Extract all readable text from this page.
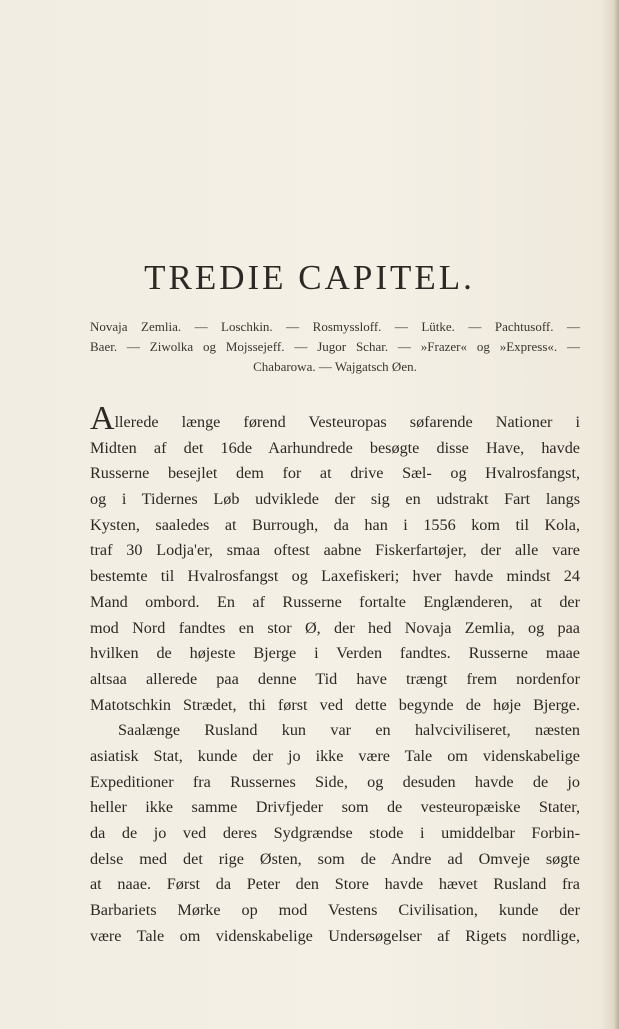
TREDIE CAPITEL.
Novaja Zemlia. — Loschkin. — Rosmyssloff. — Lütke. — Pachtusoff. —
Baer. — Ziwolka og Mojssejeff. — Jugor Schar. — »Frazer« og »Express«. —
Chabarowa. — Wajgatsch Øen.
Allerede længe førend Vesteuropas søfarende Nationer i
Midten af det 16de Aarhundrede besøgte disse Have, havde
Russerne besejlet dem for at drive Sæl- og Hvalrosfangst,
og i Tidernes Løb udviklede der sig en udstrakt Fart langs
Kysten, saaledes at Burrough, da han i 1556 kom til Kola,
traf 30 Lodja'er, smaa oftest aabne Fiskerfartøjer, der alle vare
bestemte til Hvalrosfangst og Laxefiskeri; hver havde mindst 24
Mand ombord. En af Russerne fortalte Englænderen, at der
mod Nord fandtes en stor Ø, der hed Novaja Zemlia, og paa
hvilken de højeste Bjerge i Verden fandtes. Russerne maae
altsaa allerede paa denne Tid have trængt frem nordenfor
Matotschkin Strædet, thi først ved dette begynde de høje Bjerge.
Saalænge Rusland kun var en halvciviliseret, næsten
asiatisk Stat, kunde der jo ikke være Tale om videnskabelige
Expeditioner fra Russernes Side, og desuden havde de jo
heller ikke samme Drivfjeder som de vesteuropæiske Stater,
da de jo ved deres Sydgrændse stode i umiddelbar Forbin-
delse med det rige Østen, som de Andre ad Omveje søgte
at naae. Først da Peter den Store havde hævet Rusland fra
Barbariets Mørke op mod Vestens Civilisation, kunde der
være Tale om videnskabelige Undersøgelser af Rigets nordlige,
